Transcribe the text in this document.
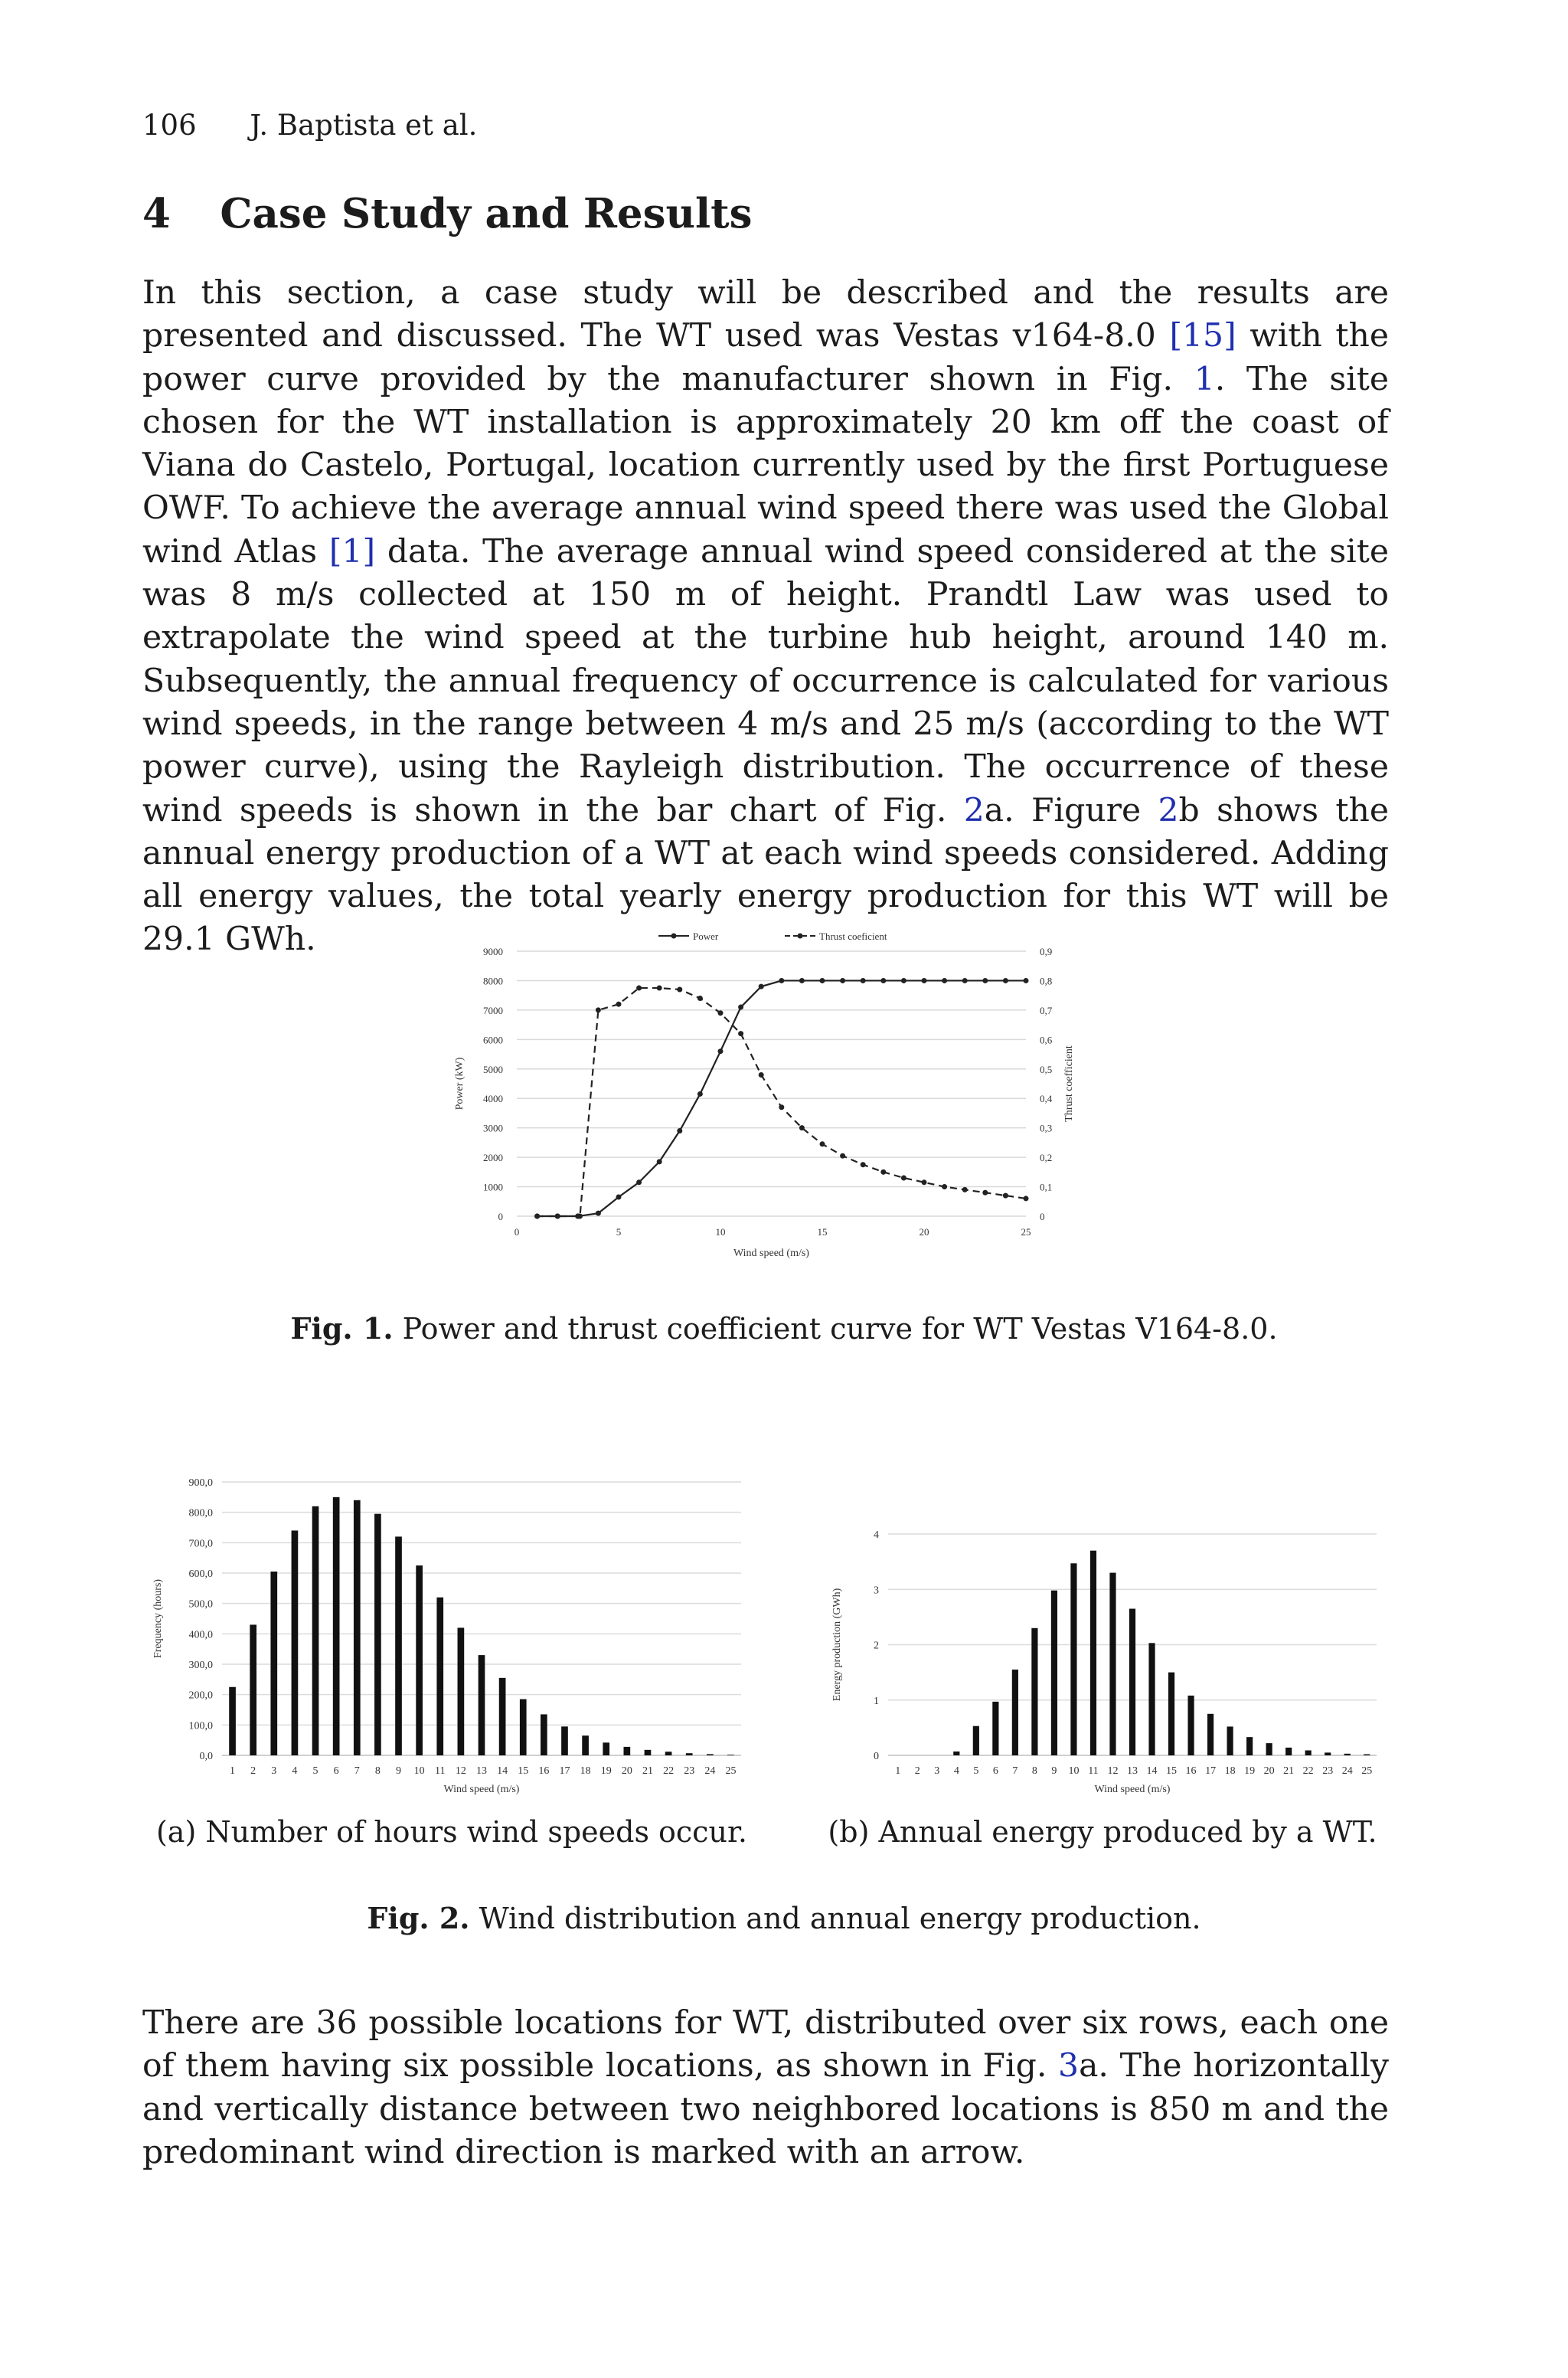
106 J. Baptista et al.
4 Case Study and Results

In this section, a case study will be described and the results are presented and discussed. The WT used was Vestas v164-8.0 [15] with the power curve provided by the manufacturer shown in Fig. 1. The site chosen for the WT installation is approximately 20 km off the coast of Viana do Castelo, Portugal, location currently used by the first Portuguese OWF. To achieve the average annual wind speed there was used the Global wind Atlas [1] data. The average annual wind speed considered at the site was 8 m/s collected at 150 m of height. Prandtl Law was used to extrapolate the wind speed at the turbine hub height, around 140 m. Subsequently, the annual frequency of occurrence is calculated for various wind speeds, in the range between 4 m/s and 25 m/s (according to the WT power curve), using the Rayleigh distribution. The occurrence of these wind speeds is shown in the bar chart of Fig. 2a. Figure 2b shows the annual energy production of a WT at each wind speeds considered. Adding all energy values, the total yearly energy production for this WT will be 29.1 GWh.

0
1000
2000
3000
4000
5000
6000
7000
8000
9000
0
0,1
0,2
0,3
0,4
0,5
0,6
0,7
0,8
0,9
0	5	10	15	20	25
Wind speed (m/s)
Power (kW)	Thrust coefficient
Power	Thrust coeficient

Fig. 1. Power and thrust coefficient curve for WT Vestas V164-8.0.

0,0
100,0
200,0
300,0
400,0
500,0
600,0
700,0
800,0
900,0
1 2 3 4 5 6 7 8 9 10 11 12 13 14 15 16 17 18 19 20 21 22 23 24 25
Wind speed (m/s)
Frequency (hours)

(a) Number of hours wind speeds occur.

0
1
2
3
4
1 2 3 4 5 6 7 8 9 10 11 12 13 14 15 16 17 18 19 20 21 22 23 24 25
Wind speed (m/s)
Energy production (GWh)

(b) Annual energy produced by a WT.

Fig. 2. Wind distribution and annual energy production.

There are 36 possible locations for WT, distributed over six rows, each one of them having six possible locations, as shown in Fig. 3a. The horizontally and vertically distance between two neighbored locations is 850 m and the predominant wind direction is marked with an arrow.
